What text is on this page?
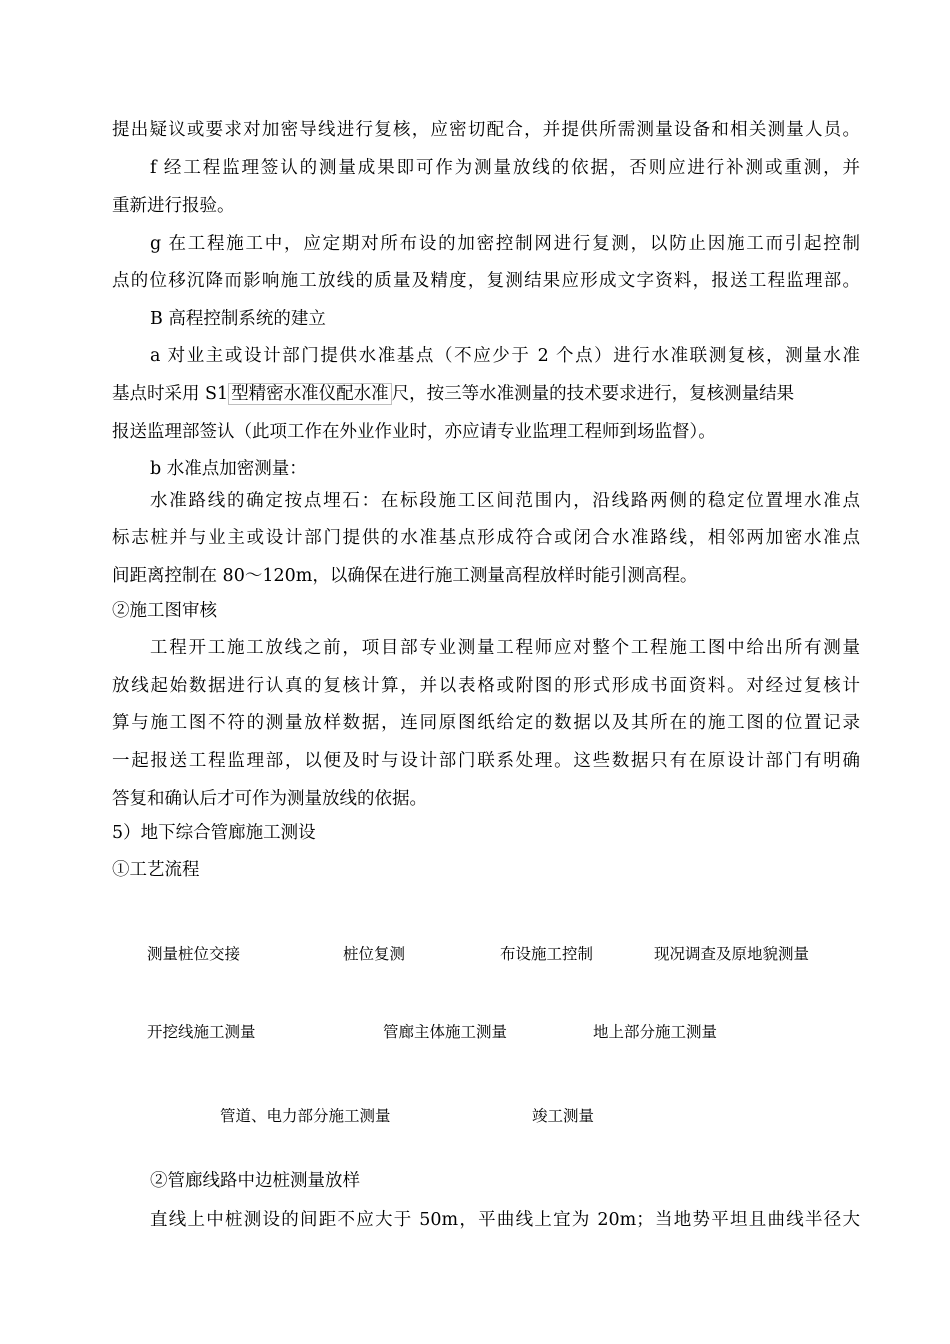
提出疑议或要求对加密导线进行复核，应密切配合，并提供所需测量设备和相关测量人员。
f 经工程监理签认的测量成果即可作为测量放线的依据，否则应进行补测或重测，并
重新进行报验。
g 在工程施工中，应定期对所布设的加密控制网进行复测，以防止因施工而引起控制
点的位移沉降而影响施工放线的质量及精度，复测结果应形成文字资料，报送工程监理部。
B 高程控制系统的建立
a 对业主或设计部门提供水准基点（不应少于 2 个点）进行水准联测复核，测量水准
基点时采用 S1 型精密水准仪配水准 尺，按三等水准测量的技术要求进行，复核测量结果
报送监理部签认（此项工作在外业作业时，亦应请专业监理工程师到场监督）。
b 水准点加密测量：
水准路线的确定按点埋石：在标段施工区间范围内，沿线路两侧的稳定位置埋水准点
标志桩并与业主或设计部门提供的水准基点形成符合或闭合水准路线，相邻两加密水准点
间距离控制在 80～120m，以确保在进行施工测量高程放样时能引测高程。
②施工图审核
工程开工施工放线之前，项目部专业测量工程师应对整个工程施工图中给出所有测量
放线起始数据进行认真的复核计算，并以表格或附图的形式形成书面资料。对经过复核计
算与施工图不符的测量放样数据，连同原图纸给定的数据以及其所在的施工图的位置记录
一起报送工程监理部，以便及时与设计部门联系处理。这些数据只有在原设计部门有明确
答复和确认后才可作为测量放线的依据。
5）地下综合管廊施工测设
①工艺流程
测量桩位交接	桩位复测	布设施工控制	现况调查及原地貌测量
开挖线施工测量	管廊主体施工测量	地上部分施工测量
管道、电力部分施工测量	竣工测量
②管廊线路中边桩测量放样
直线上中桩测设的间距不应大于 50m，平曲线上宜为 20m；当地势平坦且曲线半径大
